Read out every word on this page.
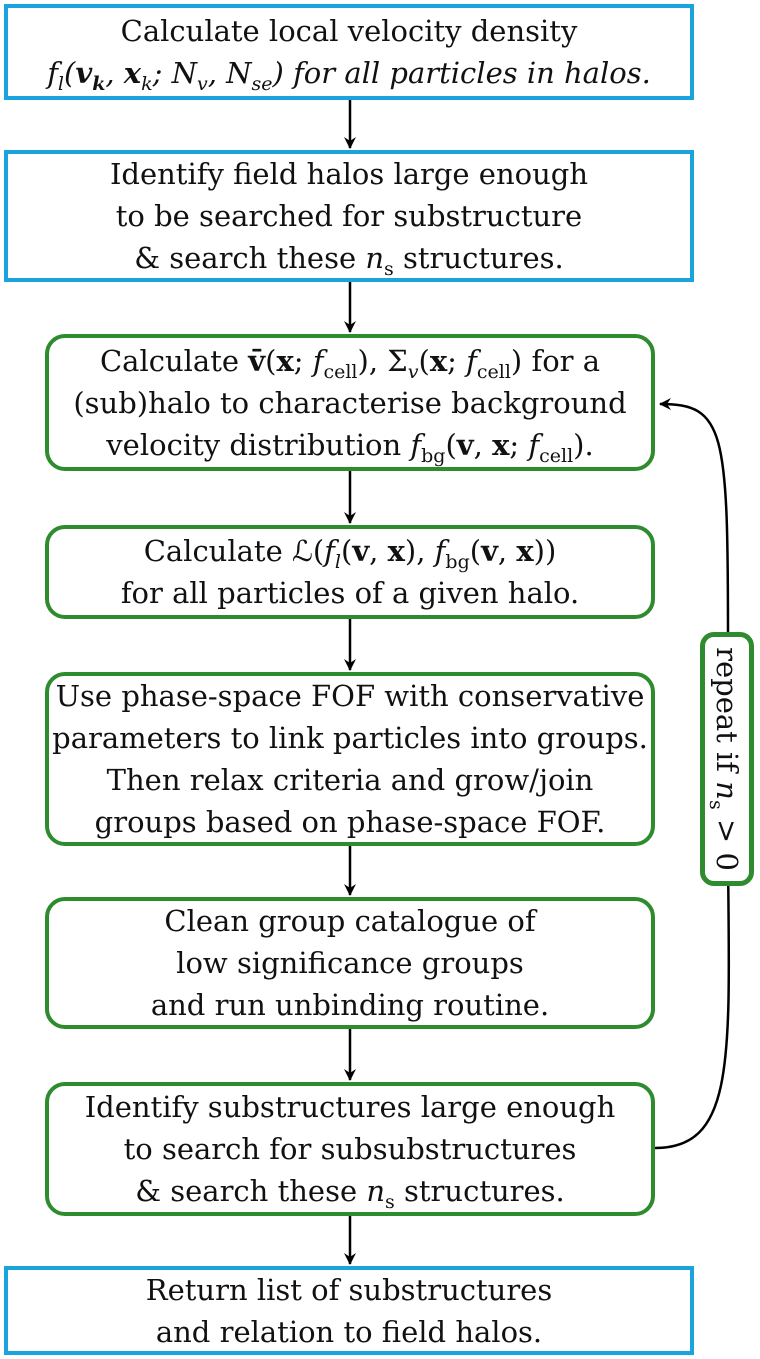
Calculate local velocity density
$f_l(v_k$, $x_k$; $N_v$, $N_{se}$) for all particles in halos.
Identify field halos large enough
to be searched for substructure
& search these $n_s$ structures.
Calculate v̄(x; $f_{cell}$), $\Sigma_v(x$; $f_{cell}$) for a
(sub)halo to characterise background
velocity distribution $f_{bg}(v$, x; $f_{cell}$).
Calculate $ℒ(f_l(v$, x), $f_{bg}(v$, x))
for all particles of a given halo.
Use phase-space FOF with conservative
parameters to link particles into groups.
Then relax criteria and grow/join
groups based on phase-space FOF.
Clean group catalogue of
low significance groups
and run unbinding routine.
Identify substructures large enough
to search for subsubstructures
& search these $n_s$ structures.
Return list of substructures
and relation to field halos.
repeat if $n_s > 0$
